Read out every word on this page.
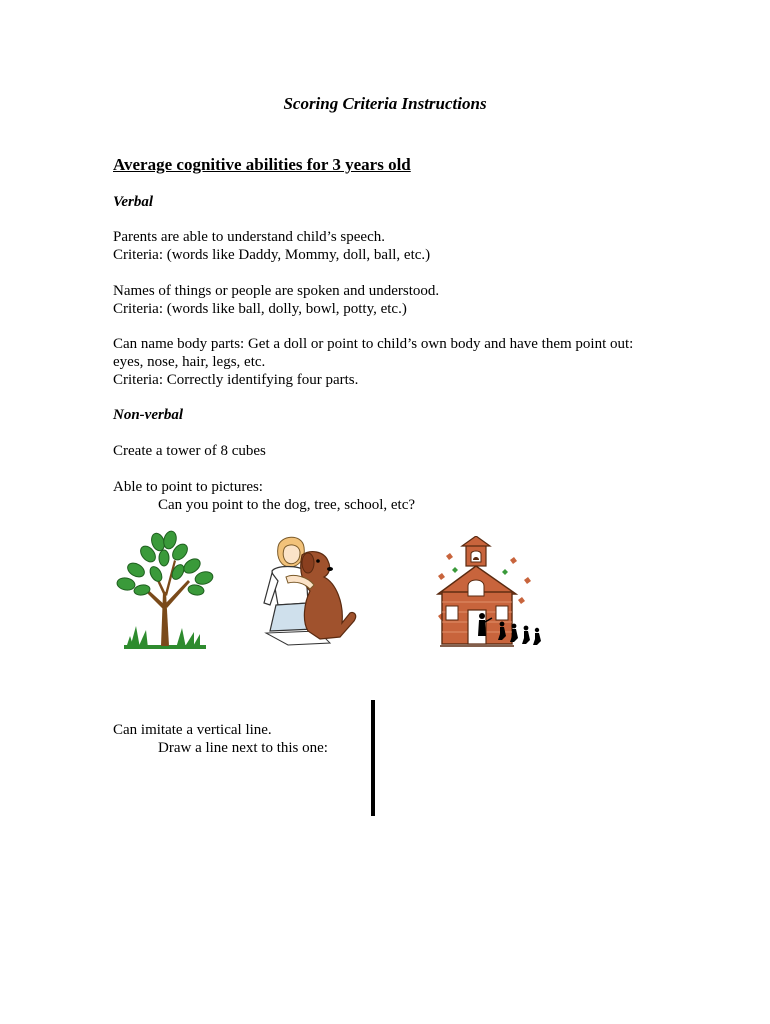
Scoring Criteria Instructions
Average cognitive abilities for 3 years old
Verbal
Parents are able to understand child’s speech.
Criteria: (words like Daddy, Mommy, doll, ball, etc.)
Names of things or people are spoken and understood.
Criteria: (words like ball, dolly, bowl, potty, etc.)
Can name body parts: Get a doll or point to child’s own body and have them point out:
eyes, nose, hair, legs, etc.
Criteria: Correctly identifying four parts.
Non-verbal
Create a tower of 8 cubes
Able to point to pictures:
Can you point to the dog, tree, school, etc?
Can imitate a vertical line.
Draw a line next to this one:
